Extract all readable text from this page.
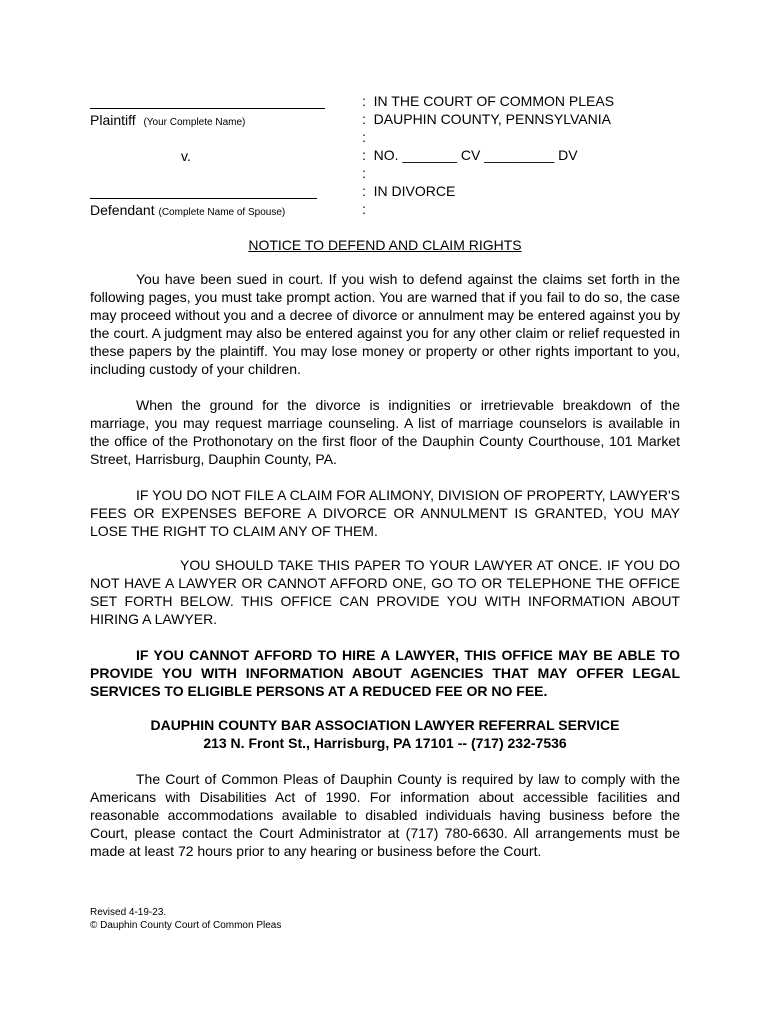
Plaintiff (Your Complete Name)
v.
Defendant (Complete Name of Spouse)
:  IN THE COURT OF COMMON PLEAS
:  DAUPHIN COUNTY, PENNSYLVANIA
:
:  NO. _______ CV _________ DV
:
:  IN DIVORCE
:
NOTICE TO DEFEND AND CLAIM RIGHTS

You have been sued in court. If you wish to defend against the claims set forth in the following pages, you must take prompt action. You are warned that if you fail to do so, the case may proceed without you and a decree of divorce or annulment may be entered against you by the court. A judgment may also be entered against you for any other claim or relief requested in these papers by the plaintiff. You may lose money or property or other rights important to you, including custody of your children.

When the ground for the divorce is indignities or irretrievable breakdown of the marriage, you may request marriage counseling. A list of marriage counselors is available in the office of the Prothonotary on the first floor of the Dauphin County Courthouse, 101 Market Street, Harrisburg, Dauphin County, PA.

IF YOU DO NOT FILE A CLAIM FOR ALIMONY, DIVISION OF PROPERTY, LAWYER'S FEES OR EXPENSES BEFORE A DIVORCE OR ANNULMENT IS GRANTED, YOU MAY LOSE THE RIGHT TO CLAIM ANY OF THEM.

YOU SHOULD TAKE THIS PAPER TO YOUR LAWYER AT ONCE. IF YOU DO NOT HAVE A LAWYER OR CANNOT AFFORD ONE, GO TO OR TELEPHONE THE OFFICE SET FORTH BELOW. THIS OFFICE CAN PROVIDE YOU WITH INFORMATION ABOUT HIRING A LAWYER.

IF YOU CANNOT AFFORD TO HIRE A LAWYER, THIS OFFICE MAY BE ABLE TO PROVIDE YOU WITH INFORMATION ABOUT AGENCIES THAT MAY OFFER LEGAL SERVICES TO ELIGIBLE PERSONS AT A REDUCED FEE OR NO FEE.

DAUPHIN COUNTY BAR ASSOCIATION LAWYER REFERRAL SERVICE
213 N. Front St., Harrisburg, PA 17101 -- (717) 232-7536

The Court of Common Pleas of Dauphin County is required by law to comply with the Americans with Disabilities Act of 1990. For information about accessible facilities and reasonable accommodations available to disabled individuals having business before the Court, please contact the Court Administrator at (717) 780-6630. All arrangements must be made at least 72 hours prior to any hearing or business before the Court.

Revised 4-19-23.
© Dauphin County Court of Common Pleas
